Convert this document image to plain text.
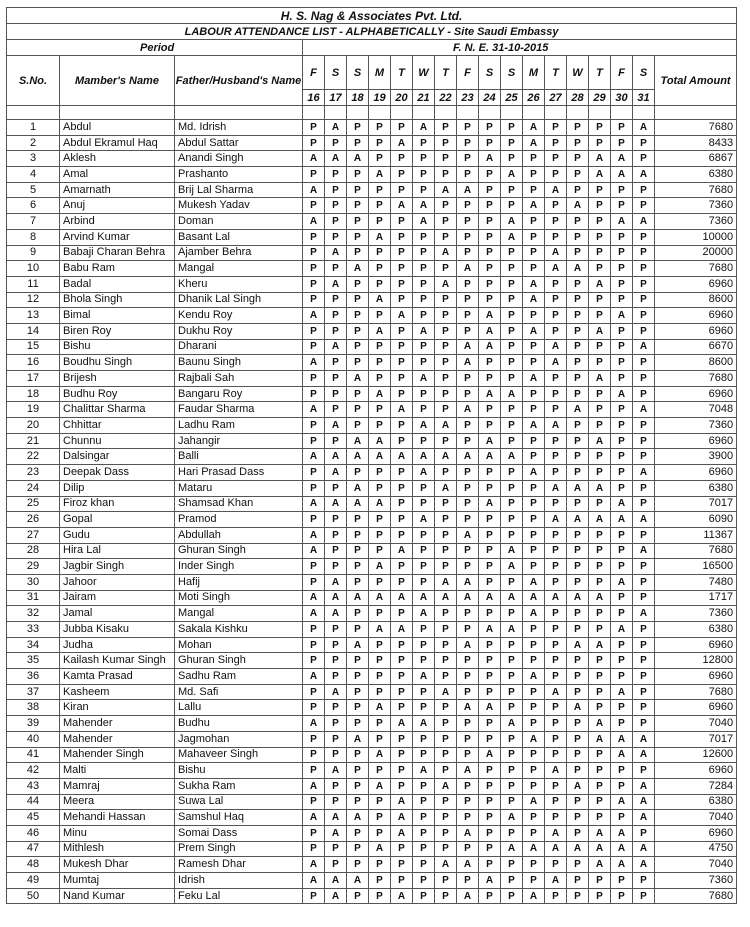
H. S. Nag & Associates Pvt. Ltd.																			
LABOUR ATTENDANCE LIST - ALPHABETICALLY - Site Saudi Embassy																			
Period			F. N. E. 31-10-2015																
S.No.	Mamber's Name	Father/Husband's Name	F	S	S	M	T	W	T	F	S	S	M	T	W	T	F	S	Total Amount
			16	17	18	19	20	21	22	23	24	25	26	27	28	29	30	31	

1	Abdul	Md. Idrish	P	A	P	P	P	A	P	P	P	P	A	P	P	P	P	A	7680
2	Abdul Ekramul Haq	Abdul Sattar	P	P	P	P	A	P	P	P	P	P	A	P	P	P	P	P	8433
3	Aklesh	Anandi Singh	A	A	A	P	P	P	P	P	A	P	P	P	P	A	A	P	6867
4	Amal	Prashanto	P	P	P	A	P	P	P	P	P	A	P	P	P	A	A	A	6380
5	Amarnath	Brij Lal Sharma	A	P	P	P	P	P	A	A	P	P	P	A	P	P	P	P	7680
6	Anuj	Mukesh Yadav	P	P	P	P	A	A	P	P	P	P	A	P	A	P	P	P	7360
7	Arbind	Doman	A	P	P	P	P	A	P	P	P	A	P	P	P	P	A	A	7360
8	Arvind Kumar	Basant Lal	P	P	P	A	P	P	P	P	P	A	P	P	P	P	P	P	10000
9	Babaji Charan Behra	Ajamber Behra	P	A	P	P	P	P	A	P	P	P	P	A	P	P	P	P	20000
10	Babu Ram	Mangal	P	P	A	P	P	P	P	A	P	P	P	A	A	P	P	P	7680
11	Badal	Kheru	P	A	P	P	P	P	A	P	P	P	A	P	P	A	P	P	6960
12	Bhola Singh	Dhanik Lal Singh	P	P	P	A	P	P	P	P	P	P	A	P	P	P	P	P	8600
13	Bimal	Kendu Roy	A	P	P	P	A	P	P	P	A	P	P	P	P	P	A	P	6960
14	Biren Roy	Dukhu Roy	P	P	P	A	P	A	P	P	A	P	A	P	P	A	P	P	6960
15	Bishu	Dharani	P	A	P	P	P	P	P	A	A	P	P	A	P	P	P	A	6670
16	Boudhu Singh	Baunu Singh	A	P	P	P	P	P	P	A	P	P	P	A	P	P	P	P	8600
17	Brijesh	Rajbali Sah	P	P	A	P	P	A	P	P	P	P	A	P	P	A	P	P	7680
18	Budhu Roy	Bangaru Roy	P	P	P	A	P	P	P	P	A	A	P	P	P	P	A	P	6960
19	Chalittar Sharma	Faudar Sharma	A	P	P	P	A	P	P	A	P	P	P	P	A	P	P	A	7048
20	Chhittar	Ladhu Ram	P	A	P	P	P	A	A	P	P	P	A	A	P	P	P	P	7360
21	Chunnu	Jahangir	P	P	A	A	P	P	P	P	A	P	P	P	P	A	P	P	6960
22	Dalsingar	Balli	A	A	A	A	A	A	A	A	A	A	P	P	P	P	P	P	3900
23	Deepak Dass	Hari Prasad Dass	P	A	P	P	P	A	P	P	P	P	A	P	P	P	P	A	6960
24	Dilip	Mataru	P	P	A	P	P	P	A	P	P	P	P	A	A	A	P	P	6380
25	Firoz khan	Shamsad Khan	A	A	A	A	P	P	P	P	A	P	P	P	P	P	A	P	7017
26	Gopal	Pramod	P	P	P	P	P	A	P	P	P	P	P	A	A	A	A	A	6090
27	Gudu	Abdullah	A	P	P	P	P	P	P	A	P	P	P	P	P	P	P	P	11367
28	Hira Lal	Ghuran Singh	A	P	P	P	A	P	P	P	P	A	P	P	P	P	P	A	7680
29	Jagbir Singh	Inder Singh	P	P	P	A	P	P	P	P	P	A	P	P	P	P	P	P	16500
30	Jahoor	Hafij	P	A	P	P	P	P	A	A	P	P	A	P	P	P	A	P	7480
31	Jairam	Moti Singh	A	A	A	A	A	A	A	A	A	A	A	A	A	A	P	P	1717
32	Jamal	Mangal	A	A	P	P	P	A	P	P	P	P	A	P	P	P	P	A	7360
33	Jubba Kisaku	Sakala Kishku	P	P	P	A	A	P	P	P	A	A	P	P	P	P	A	P	6380
34	Judha	Mohan	P	P	A	P	P	P	P	A	P	P	P	P	A	A	P	P	6960
35	Kailash Kumar Singh	Ghuran Singh	P	P	P	P	P	P	P	P	P	P	P	P	P	P	P	P	12800
36	Kamta Prasad	Sadhu Ram	A	P	P	P	P	A	P	P	P	P	A	P	P	P	P	P	6960
37	Kasheem	Md. Safi	P	A	P	P	P	P	A	P	P	P	P	A	P	P	A	P	7680
38	Kiran	Lallu	P	P	P	A	P	P	P	A	A	P	P	P	A	P	P	P	6960
39	Mahender	Budhu	A	P	P	P	A	A	P	P	P	A	P	P	P	A	P	P	7040
40	Mahender	Jagmohan	P	P	A	P	P	P	P	P	P	P	A	P	P	A	A	A	7017
41	Mahender Singh	Mahaveer Singh	P	P	P	A	P	P	P	P	A	P	P	P	P	P	A	A	12600
42	Malti	Bishu	P	A	P	P	P	A	P	A	P	P	P	A	P	P	P	P	6960
43	Mamraj	Sukha Ram	A	P	P	A	P	P	A	P	P	P	P	P	A	P	P	A	7284
44	Meera	Suwa Lal	P	P	P	P	A	P	P	P	P	P	A	P	P	P	A	A	6380
45	Mehandi Hassan	Samshul Haq	A	A	A	P	A	P	P	P	P	A	P	P	P	P	P	A	7040
46	Minu	Somai Dass	P	A	P	P	A	P	P	A	P	P	P	A	P	A	A	P	6960
47	Mithlesh	Prem Singh	P	P	P	A	P	P	P	P	P	A	A	A	A	A	A	A	4750
48	Mukesh Dhar	Ramesh Dhar	A	P	P	P	P	P	A	A	P	P	P	P	P	A	A	A	7040
49	Mumtaj	Idrish	A	A	A	P	P	P	P	P	A	P	P	A	P	P	P	P	7360
50	Nand Kumar	Feku Lal	P	A	P	P	A	P	P	A	P	P	A	P	P	P	P	P	7680
